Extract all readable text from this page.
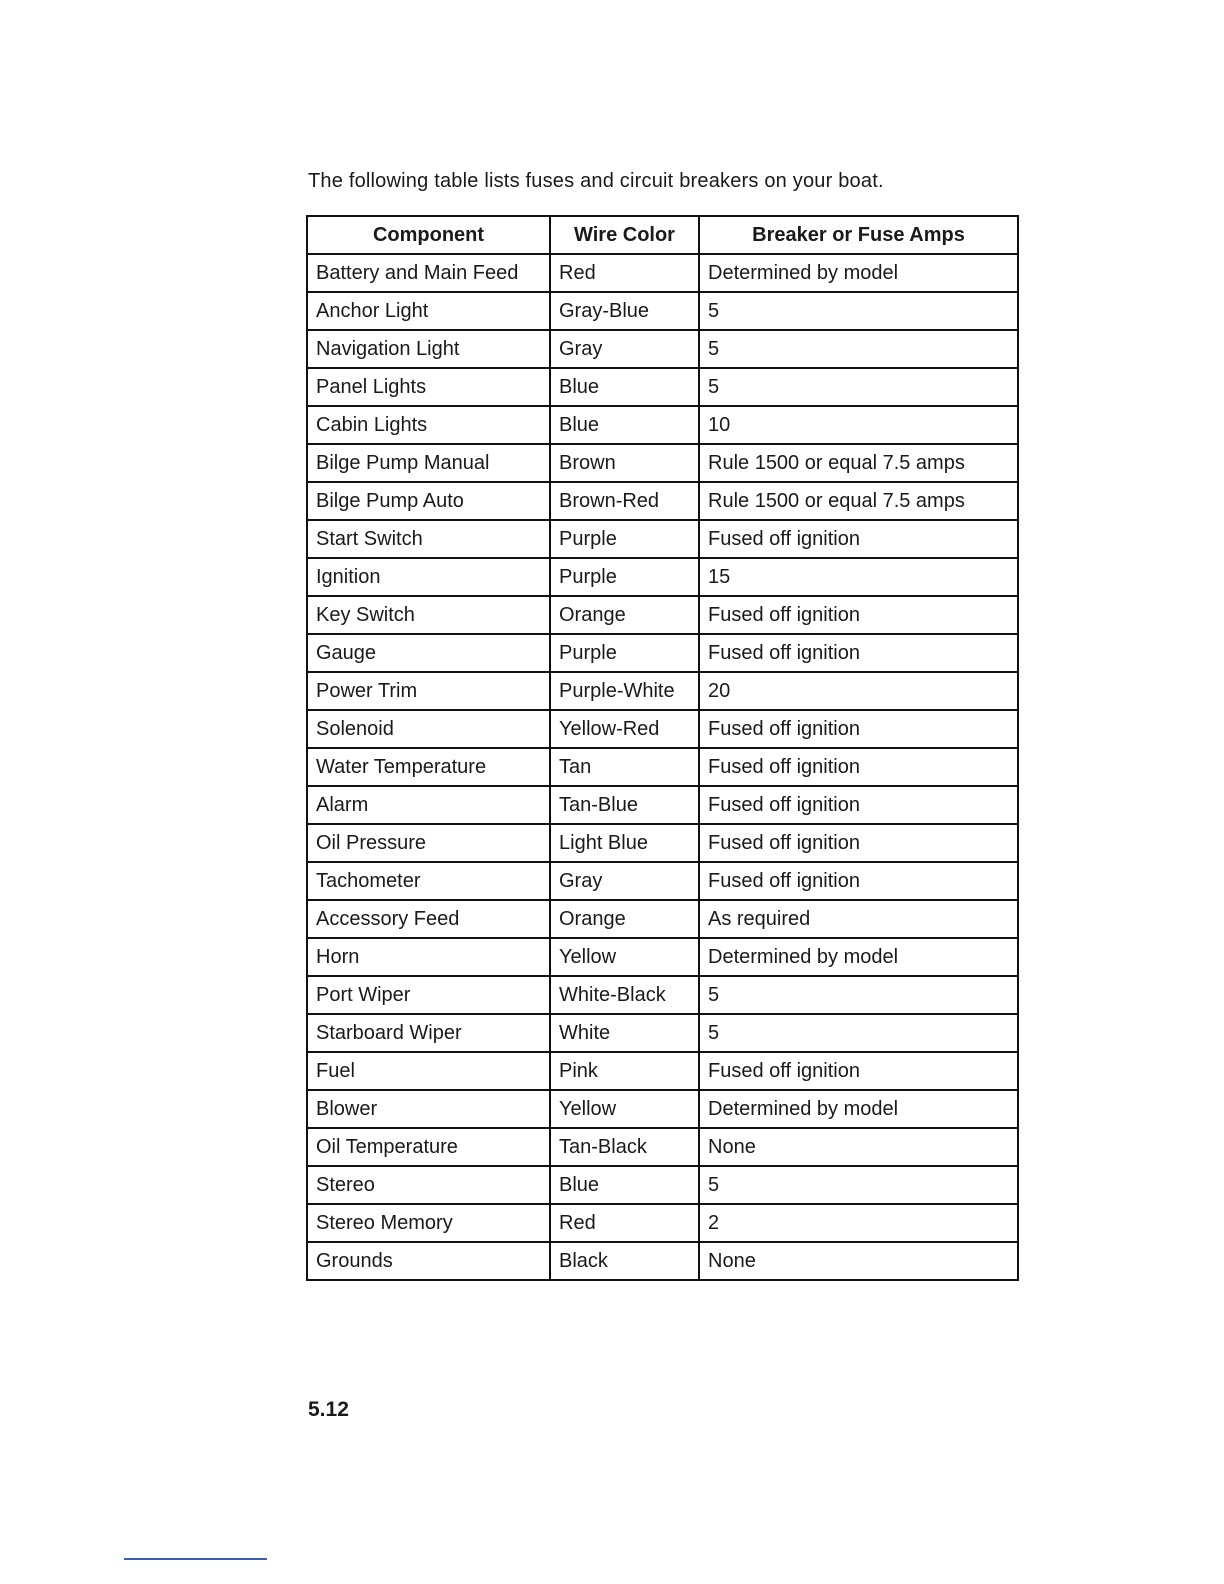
The following table lists fuses and circuit breakers on your boat.
Component	Wire Color	Breaker or Fuse Amps
Battery and Main Feed	Red	Determined by model
Anchor Light	Gray-Blue	5
Navigation Light	Gray	5
Panel Lights	Blue	5
Cabin Lights	Blue	10
Bilge Pump Manual	Brown	Rule 1500 or equal 7.5 amps
Bilge Pump Auto	Brown-Red	Rule 1500 or equal 7.5 amps
Start Switch	Purple	Fused off ignition
Ignition	Purple	15
Key Switch	Orange	Fused off ignition
Gauge	Purple	Fused off ignition
Power Trim	Purple-White	20
Solenoid	Yellow-Red	Fused off ignition
Water Temperature	Tan	Fused off ignition
Alarm	Tan-Blue	Fused off ignition
Oil Pressure	Light Blue	Fused off ignition
Tachometer	Gray	Fused off ignition
Accessory Feed	Orange	As required
Horn	Yellow	Determined by model
Port Wiper	White-Black	5
Starboard Wiper	White	5
Fuel	Pink	Fused off ignition
Blower	Yellow	Determined by model
Oil Temperature	Tan-Black	None
Stereo	Blue	5
Stereo Memory	Red	2
Grounds	Black	None
5.12
